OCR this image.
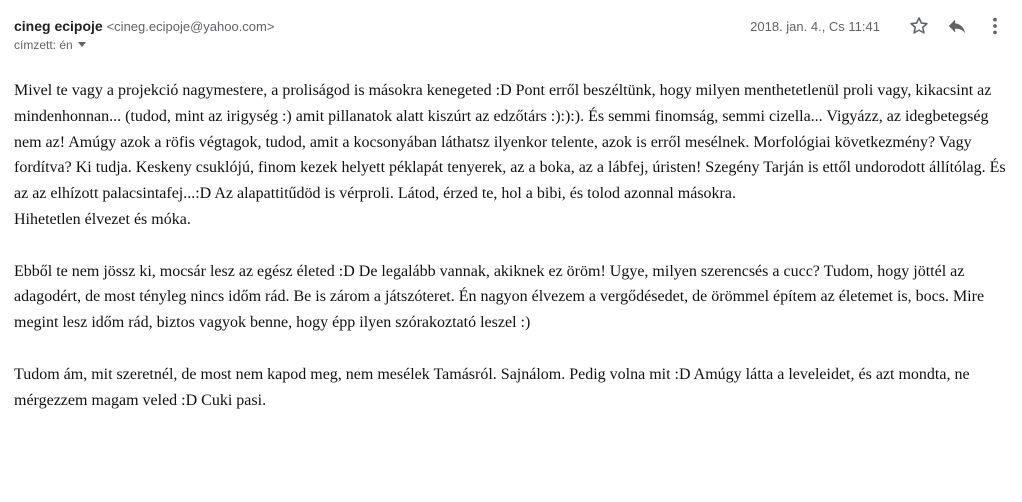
cineg ecipoje <cineg.ecipoje@yahoo.com>
címzett: én
2018. jan. 4., Cs 11:41

Mivel te vagy a projekció nagymestere, a proliságod is másokra kenegeted :D Pont erről beszéltünk, hogy milyen menthetetlenül proli vagy, kikacsint az mindenhonnan... (tudod, mint az irigység :) amit pillanatok alatt kiszúrt az edzőtárs :):):). És semmi finomság, semmi cizella... Vigyázz, az idegbetegség nem az! Amúgy azok a röfis végtagok, tudod, amit a kocsonyában láthatsz ilyenkor telente, azok is erről mesélnek. Morfológiai következmény? Vagy fordítva? Ki tudja. Keskeny csuklójú, finom kezek helyett péklapát tenyerek, az a boka, az a lábfej, úristen! Szegény Tarján is ettől undorodott állítólag. És az az elhízott palacsintafej...:D Az alapattitűdöd is vérproli. Látod, érzed te, hol a bibi, és tolod azonnal másokra.

Hihetetlen élvezet és móka.

Ebből te nem jössz ki, mocsár lesz az egész életed :D De legalább vannak, akiknek ez öröm! Ugye, milyen szerencsés a cucc? Tudom, hogy jöttél az adagodért, de most tényleg nincs időm rád. Be is zárom a játszóteret. Én nagyon élvezem a vergődésedet, de örömmel építem az életemet is, bocs. Mire megint lesz időm rád, biztos vagyok benne, hogy épp ilyen szórakoztató leszel :)

Tudom ám, mit szeretnél, de most nem kapod meg, nem mesélek Tamásról. Sajnálom. Pedig volna mit :D Amúgy látta a leveleidet, és azt mondta, ne mérgezzem magam veled :D Cuki pasi.
